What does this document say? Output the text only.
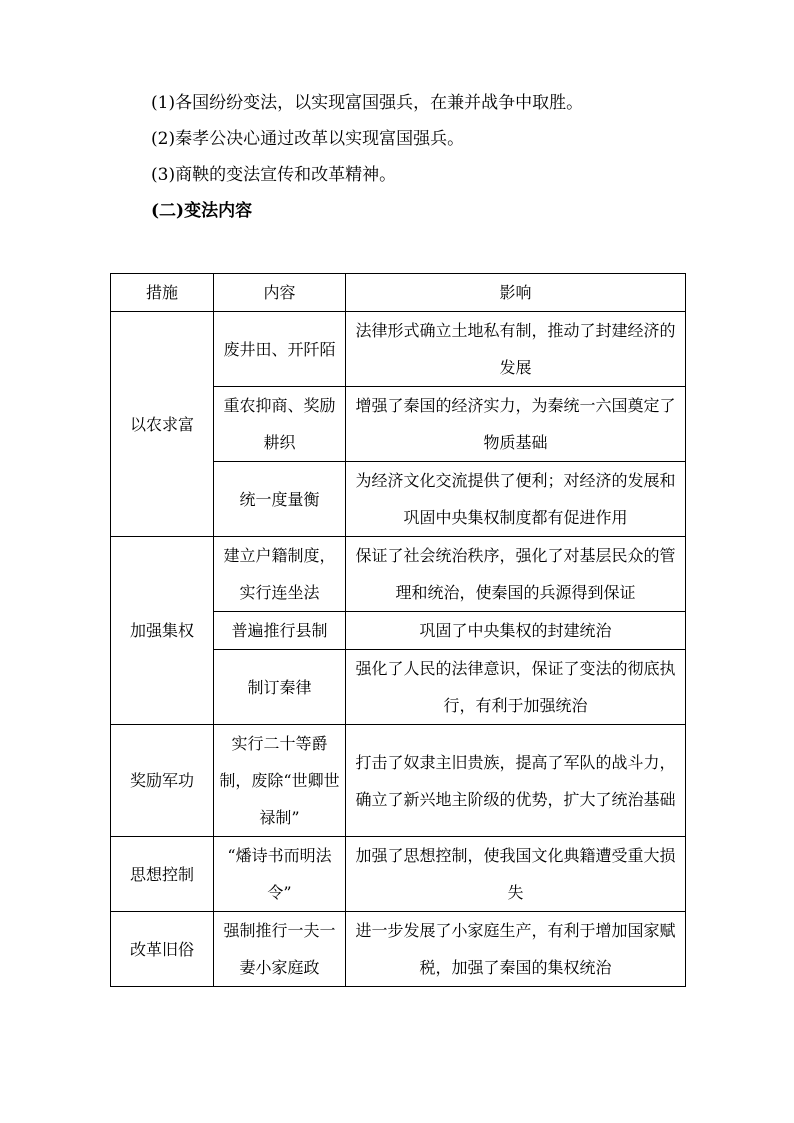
(1)各国纷纷变法，以实现富国强兵，在兼并战争中取胜。
(2)秦孝公决心通过改革以实现富国强兵。
(3)商鞅的变法宣传和改革精神。
(二)变法内容
措施	内容	影响
以农求富	废井田、开阡陌	法律形式确立土地私有制，推动了封建经济的发展
	重农抑商、奖励耕织	增强了秦国的经济实力，为秦统一六国奠定了物质基础
	统一度量衡	为经济文化交流提供了便利；对经济的发展和巩固中央集权制度都有促进作用
加强集权	建立户籍制度，实行连坐法	保证了社会统治秩序，强化了对基层民众的管理和统治，使秦国的兵源得到保证
	普遍推行县制	巩固了中央集权的封建统治
	制订秦律	强化了人民的法律意识，保证了变法的彻底执行，有利于加强统治
奖励军功	实行二十等爵制，废除“世卿世禄制”	打击了奴隶主旧贵族，提高了军队的战斗力，确立了新兴地主阶级的优势，扩大了统治基础
思想控制	“燔诗书而明法令”	加强了思想控制，使我国文化典籍遭受重大损失
改革旧俗	强制推行一夫一妻小家庭政	进一步发展了小家庭生产，有利于增加国家赋税，加强了秦国的集权统治
